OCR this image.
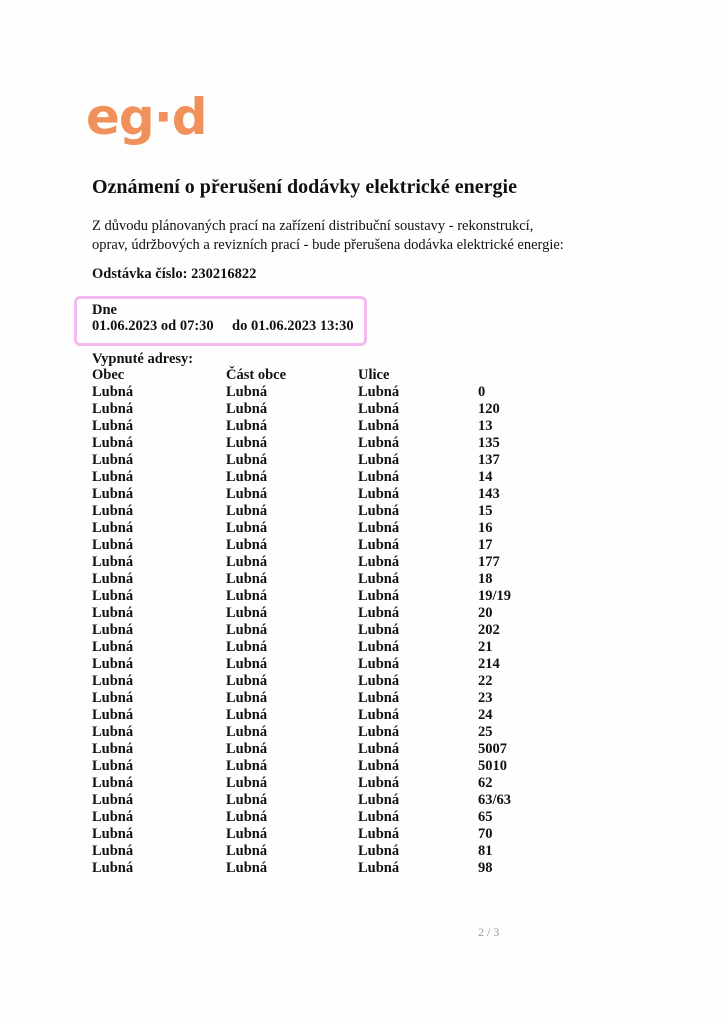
eg·d
Oznámení o přerušení dodávky elektrické energie

Z důvodu plánovaných prací na zařízení distribuční soustavy - rekonstrukcí, oprav, údržbových a revizních prací - bude přerušena dodávka elektrické energie:

Odstávka číslo: 230216822
Dne
01.06.2023 od 07:30 do 01.06.2023 13:30
Vypnuté adresy:
Obec	Část obce	Ulice
Lubná	Lubná	Lubná	0
Lubná	Lubná	Lubná	120
Lubná	Lubná	Lubná	13
Lubná	Lubná	Lubná	135
Lubná	Lubná	Lubná	137
Lubná	Lubná	Lubná	14
Lubná	Lubná	Lubná	143
Lubná	Lubná	Lubná	15
Lubná	Lubná	Lubná	16
Lubná	Lubná	Lubná	17
Lubná	Lubná	Lubná	177
Lubná	Lubná	Lubná	18
Lubná	Lubná	Lubná	19/19
Lubná	Lubná	Lubná	20
Lubná	Lubná	Lubná	202
Lubná	Lubná	Lubná	21
Lubná	Lubná	Lubná	214
Lubná	Lubná	Lubná	22
Lubná	Lubná	Lubná	23
Lubná	Lubná	Lubná	24
Lubná	Lubná	Lubná	25
Lubná	Lubná	Lubná	5007
Lubná	Lubná	Lubná	5010
Lubná	Lubná	Lubná	62
Lubná	Lubná	Lubná	63/63
Lubná	Lubná	Lubná	65
Lubná	Lubná	Lubná	70
Lubná	Lubná	Lubná	81
Lubná	Lubná	Lubná	98
2 / 3
